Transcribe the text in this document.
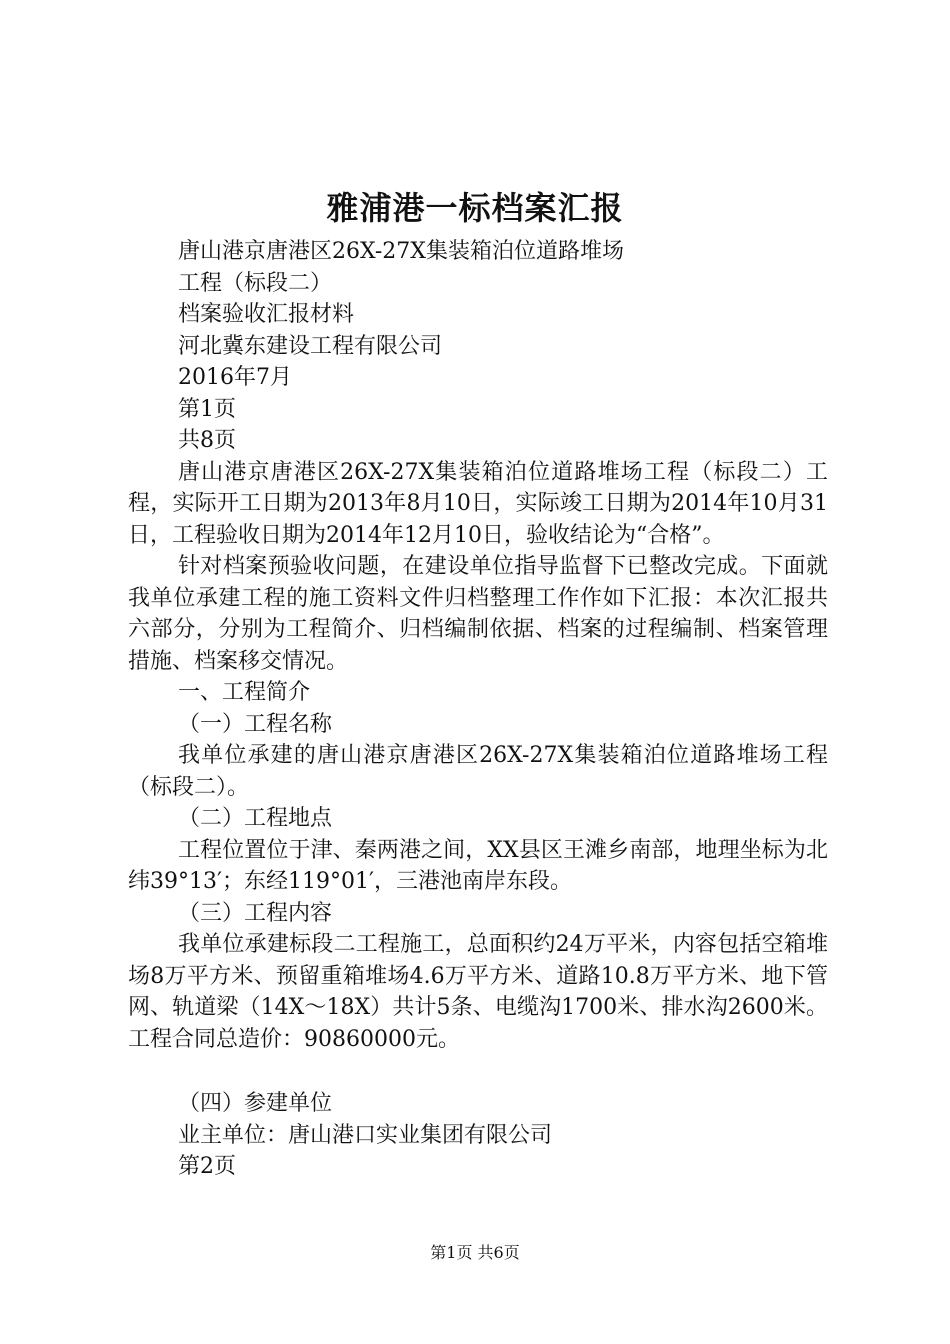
雅浦港一标档案汇报
唐山港京唐港区26X-27X集装箱泊位道路堆场
工程（标段二）
档案验收汇报材料
河北冀东建设工程有限公司
2016年7月
第1页
共8页
唐山港京唐港区26X-27X集装箱泊位道路堆场工程（标段二）工程，实际开工日期为2013年8月10日，实际竣工日期为2014年10月31日，工程验收日期为2014年12月10日，验收结论为“合格”。
针对档案预验收问题，在建设单位指导监督下已整改完成。下面就我单位承建工程的施工资料文件归档整理工作作如下汇报：本次汇报共六部分，分别为工程简介、归档编制依据、档案的过程编制、档案管理措施、档案移交情况。
一、工程简介
（一）工程名称
我单位承建的唐山港京唐港区26X-27X集装箱泊位道路堆场工程（标段二）。
（二）工程地点
工程位置位于津、秦两港之间，XX县区王滩乡南部，地理坐标为北纬39°13′；东经119°01′，三港池南岸东段。
（三）工程内容
我单位承建标段二工程施工，总面积约24万平米，内容包括空箱堆场8万平方米、预留重箱堆场4.6万平方米、道路10.8万平方米、地下管网、轨道梁（14X～18X）共计5条、电缆沟1700米、排水沟2600米。工程合同总造价：90860000元。
（四）参建单位
业主单位：唐山港口实业集团有限公司
第2页
第1页 共6页
